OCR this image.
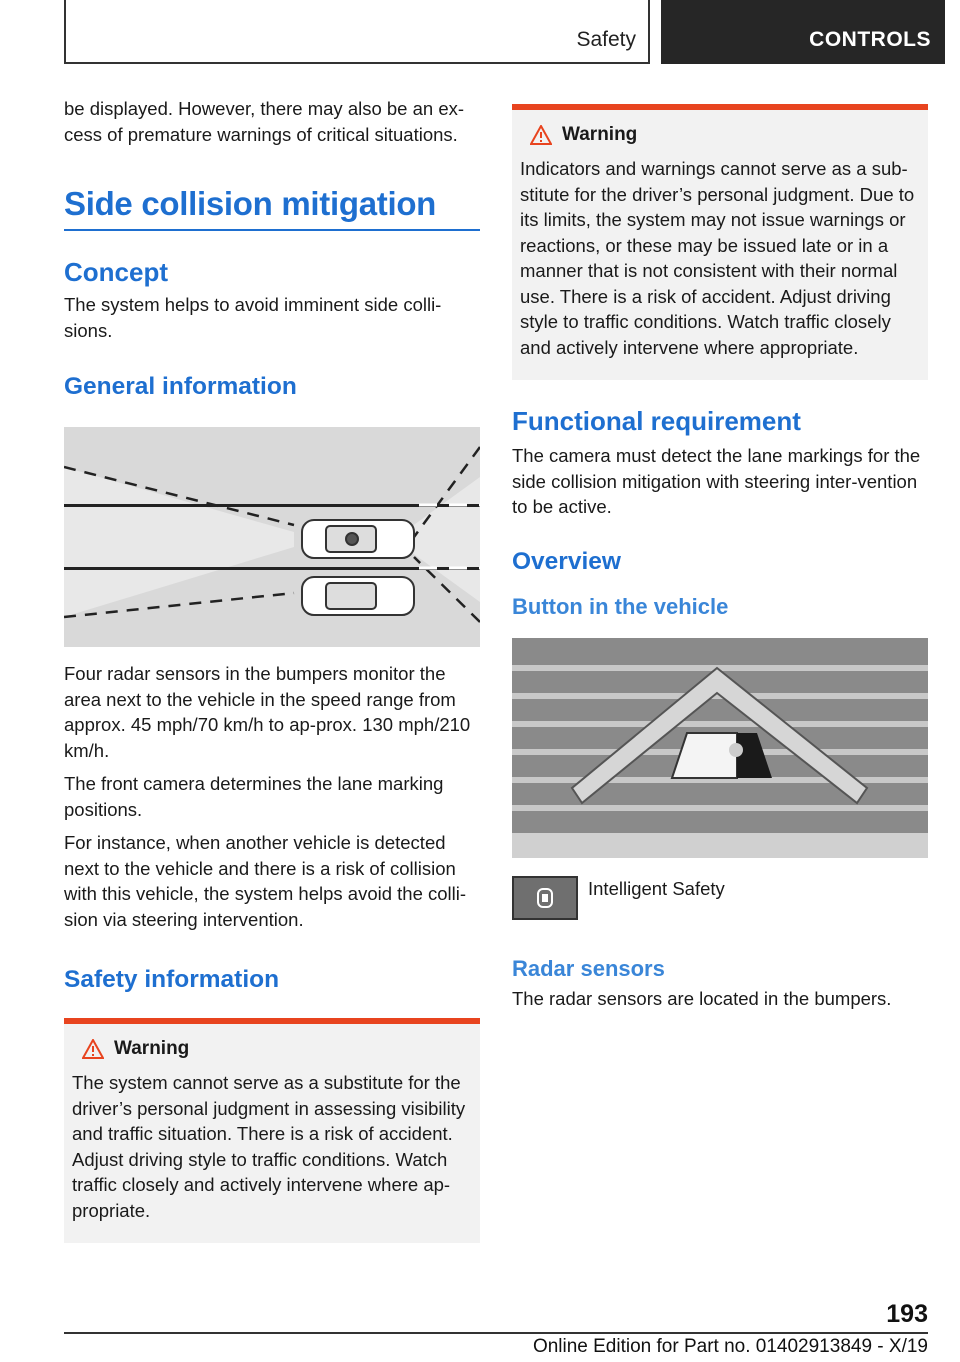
Safety	CONTROLS

be displayed. However, there may also be an ex‐cess of premature warnings of critical situations.

Side collision mitigation
Concept

The system helps to avoid imminent side colli‐sions.

General information

Four radar sensors in the bumpers monitor the area next to the vehicle in the speed range from approx. 45 mph/70 km/h to ap‐prox. 130 mph/210 km/h.

The front camera determines the lane marking positions.

For instance, when another vehicle is detected next to the vehicle and there is a risk of collision with this vehicle, the system helps avoid the colli‐sion via steering intervention.

Safety information
Warning

The system cannot serve as a substitute for the driver’s personal judgment in assessing visibility and traffic situation. There is a risk of accident. Adjust driving style to traffic conditions. Watch traffic closely and actively intervene where ap‐propriate.

Warning

Indicators and warnings cannot serve as a sub‐stitute for the driver’s personal judgment. Due to its limits, the system may not issue warnings or reactions, or these may be issued late or in a manner that is not consistent with their normal use. There is a risk of accident. Adjust driving style to traffic conditions. Watch traffic closely and actively intervene where appropriate.

Functional requirement

The camera must detect the lane markings for the side collision mitigation with steering inter‐vention to be active.

Overview
Button in the vehicle

Intelligent Safety

Radar sensors

The radar sensors are located in the bumpers.

193
Online Edition for Part no. 01402913849 - X/19
